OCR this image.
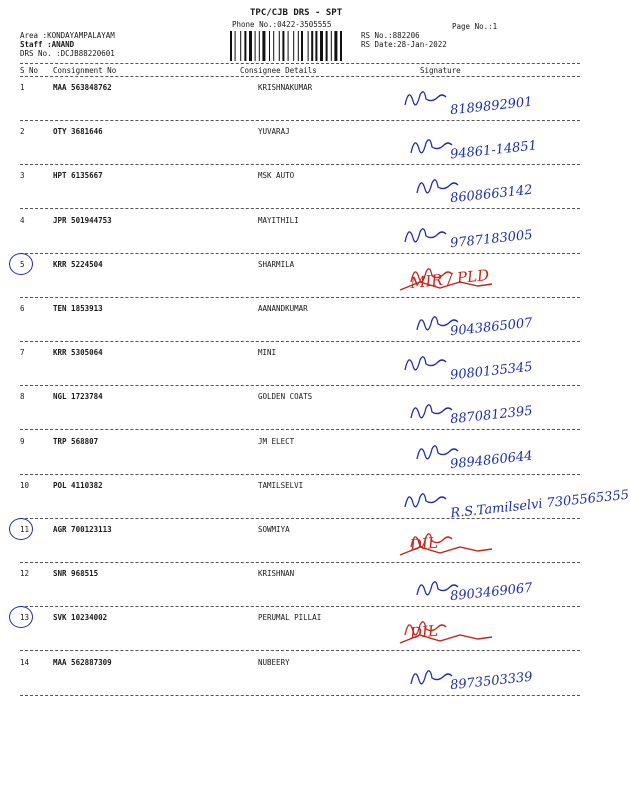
TPC/CJB DRS - SPT
Phone No.:0422-3505555	Page No.:1
Area :KONDAYAMPALAYAM
Staff :ANAND
DRS No. :DCJB88220601
RS No.:882206
RS Date:28-Jan-2022
S No Consignment No	Consignee Details	Signature
1	MAA 563848762	KRISHNAKUMAR
8189892901
2	OTY 3681646	YUVARAJ
94861-14851
3	HPT 6135667	MSK AUTO
8608663142
4	JPR 501944753	MAYITHILI
9787183005
5	KRR 5224504	SHARMILA
MIR / PLD
6	TEN 1853913	AANANDKUMAR
9043865007
7	KRR 5305064	MINI
9080135345
8	NGL 1723784	GOLDEN COATS
8870812395
9	TRP 568807	JM ELECT
9894860644
10	POL 4110382	TAMILSELVI
R.S.Tamilselvi 7305565355
11	AGR 700123113	SOWMIYA
DIL
12	SNR 968515	KRISHNAN
8903469067
13	SVK 10234002	PERUMAL PILLAI
DIL
14	MAA 562887309	NUBEERY
8973503339
